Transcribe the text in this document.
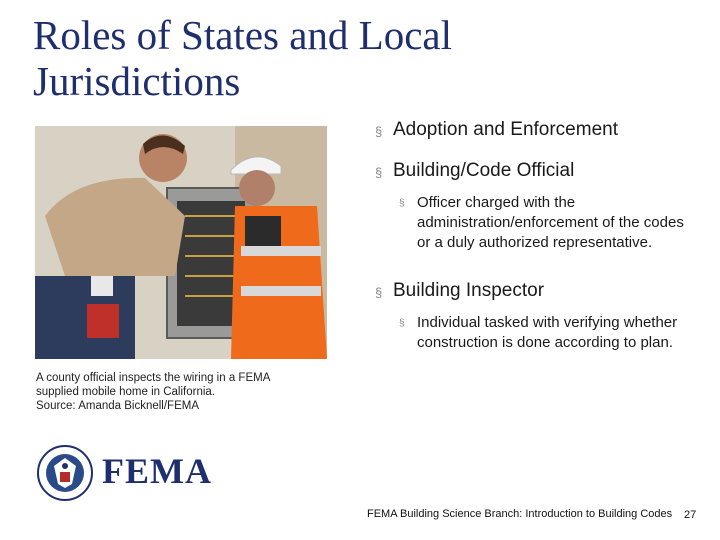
Roles of States and Local
Jurisdictions
A county official inspects the wiring in a FEMA
supplied mobile home in California.
Source: Amanda Bicknell/FEMA
§ Adoption and Enforcement
§ Building/Code Official
§ Officer charged with the administration/enforcement of the codes or a duly authorized representative.
§ Building Inspector
§ Individual tasked with verifying whether construction is done according to plan.
FEMA
FEMA Building Science Branch: Introduction to Building Codes 27
